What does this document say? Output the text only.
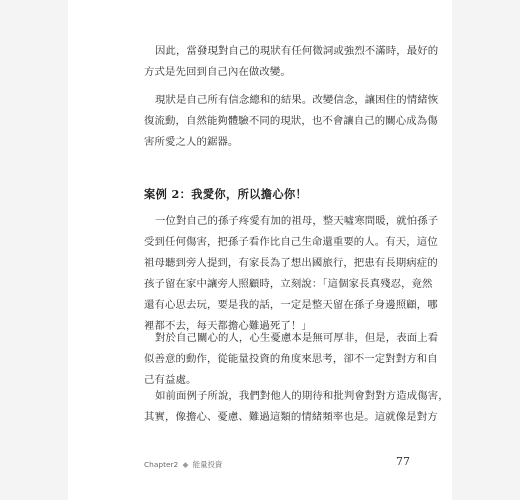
因此，當發現對自己的現狀有任何微詞或強烈不滿時，最好的
方式是先回到自己內在做改變。

現狀是自己所有信念總和的結果。改變信念，讓困住的情緒恢
復流動，自然能夠體驗不同的現狀，也不會讓自己的關心成為傷
害所愛之人的鋸器。

案例 2：我愛你，所以擔心你！

一位對自己的孫子疼愛有加的祖母，整天噓寒問暖，就怕孫子
受到任何傷害，把孫子看作比自己生命還重要的人。有天，這位
祖母聽到旁人提到，有家長為了想出國旅行，把患有長期病症的
孩子留在家中讓旁人照顧時，立刻說：「這個家長真殘忍，竟然
還有心思去玩，要是我的話，一定是整天留在孫子身邊照顧，哪
裡都不去，每天都擔心難過死了！」

對於自己關心的人，心生憂慮本是無可厚非，但是，表面上看
似善意的動作，從能量投資的角度來思考，卻不一定對對方和自
己有益處。

如前面例子所說，我們對他人的期待和批判會對對方造成傷害，
其實，像擔心、憂慮、難過這類的情緒頻率也是。這就像是對方

Chapter2 ◆ 能量投資	77
